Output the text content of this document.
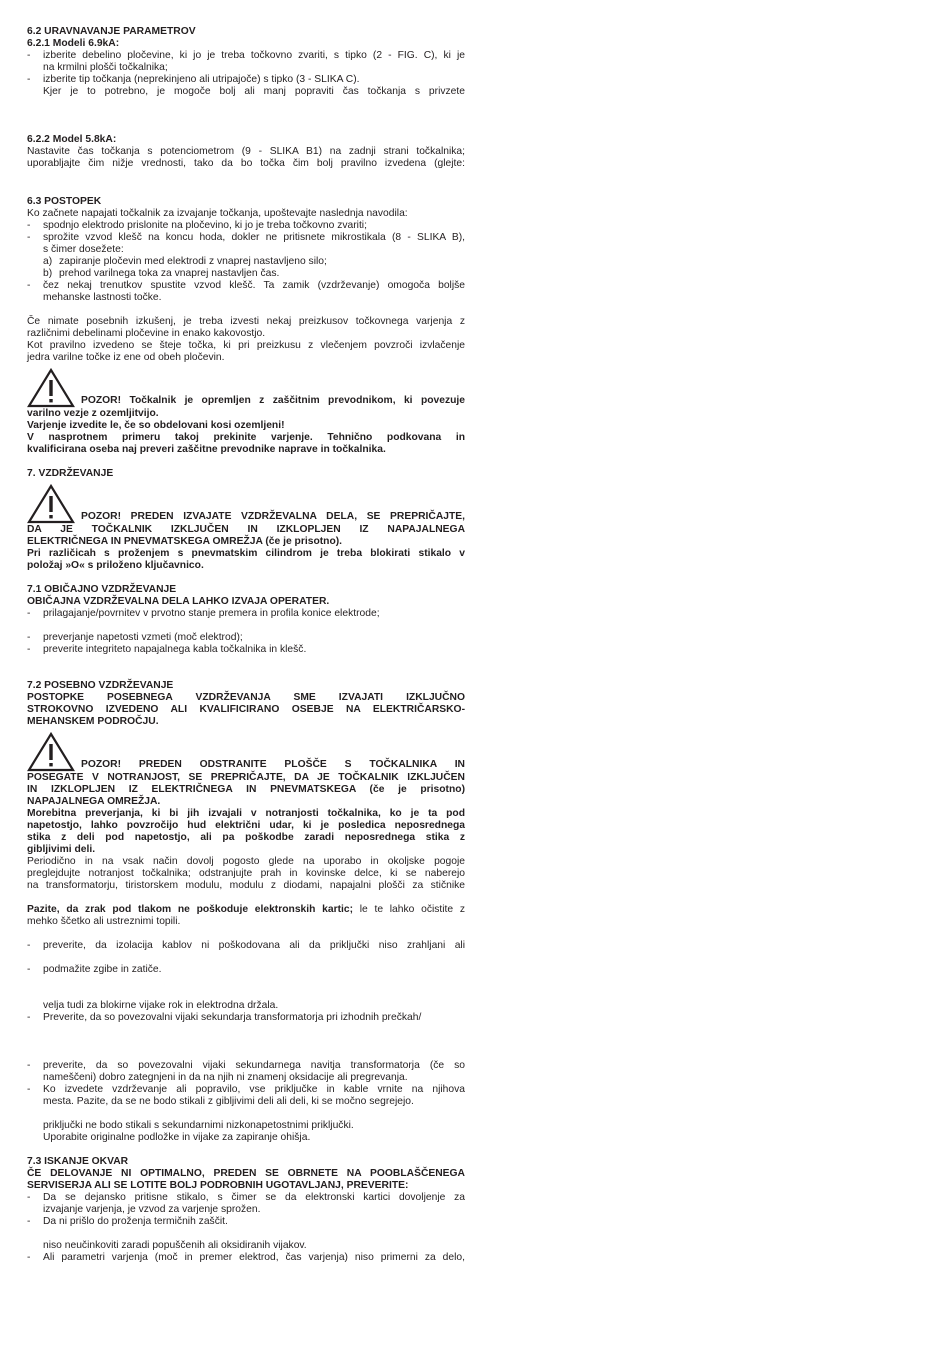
6.2 URAVNAVANJE PARAMETROV
6.2.1 Modeli 6.9kA:
- izberite debelino pločevine, ki jo je treba točkovno zvariti, s tipko (2 - FIG. C), ki je
na krmilni plošči točkalnika;
- izberite tip točkanja (neprekinjeno ali utripajoče) s tipko (3 - SLIKA C).
Kjer je to potrebno, je mogoče bolj ali manj popraviti čas točkanja s privzete
6.2.2 Model 5.8kA:
Nastavite čas točkanja s potenciometrom (9 - SLIKA B1) na zadnji strani točkalnika;
uporabljajte čim nižje vrednosti, tako da bo točka čim bolj pravilno izvedena (glejte:
6.3 POSTOPEK
Ko začnete napajati točkalnik za izvajanje točkanja, upoštevajte naslednja navodila:
- spodnjo elektrodo prislonite na pločevino, ki jo je treba točkovno zvariti;
- sprožite vzvod klešč na koncu hoda, dokler ne pritisnete mikrostikala (8 - SLIKA B),
s čimer dosežete:
a) zapiranje pločevin med elektrodi z vnaprej nastavljeno silo;
b) prehod varilnega toka za vnaprej nastavljen čas.
- čez nekaj trenutkov spustite vzvod klešč. Ta zamik (vzdrževanje) omogoča boljše
mehanske lastnosti točke.
Če nimate posebnih izkušenj, je treba izvesti nekaj preizkusov točkovnega varjenja z
različnimi debelinami pločevine in enako kakovostjo.
Kot pravilno izvedeno se šteje točka, ki pri preizkusu z vlečenjem povzroči izvlačenje
jedra varilne točke iz ene od obeh pločevin.
POZOR! Točkalnik je opremljen z zaščitnim prevodnikom, ki povezuje
varilno vezje z ozemljitvijo.
Varjenje izvedite le, če so obdelovani kosi ozemljeni!
V nasprotnem primeru takoj prekinite varjenje. Tehnično podkovana in
kvalificirana oseba naj preveri zaščitne prevodnike naprave in točkalnika.
7. VZDRŽEVANJE
POZOR! PREDEN IZVAJATE VZDRŽEVALNA DELA, SE PREPRIČAJTE,
DA JE TOČKALNIK IZKLJUČEN IN IZKLOPLJEN IZ NAPAJALNEGA
ELEKTRIČNEGA IN PNEVMATSKEGA OMREŽJA (če je prisotno).
Pri različicah s proženjem s pnevmatskim cilindrom je treba blokirati stikalo v
položaj »O« s priloženo ključavnico.
7.1 OBIČAJNO VZDRŽEVANJE
OBIČAJNA VZDRŽEVALNA DELA LAHKO IZVAJA OPERATER.
- prilagajanje/povrnitev v prvotno stanje premera in profila konice elektrode;
- preverjanje napetosti vzmeti (moč elektrod);
- preverite integriteto napajalnega kabla točkalnika in klešč.
7.2 POSEBNO VZDRŽEVANJE
POSTOPKE POSEBNEGA VZDRŽEVANJA SME IZVAJATI IZKLJUČNO
STROKOVNO IZVEDENO ALI KVALIFICIRANO OSEBJE NA ELEKTRIČARSKO-
MEHANSKEM PODROČJU.
POZOR! PREDEN ODSTRANITE PLOŠČE S TOČKALNIKA IN
POSEGATE V NOTRANJOST, SE PREPRIČAJTE, DA JE TOČKALNIK IZKLJUČEN
IN IZKLOPLJEN IZ ELEKTRIČNEGA IN PNEVMATSKEGA (če je prisotno)
NAPAJALNEGA OMREŽJA.
Morebitna preverjanja, ki bi jih izvajali v notranjosti točkalnika, ko je ta pod
napetostjo, lahko povzročijo hud električni udar, ki je posledica neposrednega
stika z deli pod napetostjo, ali pa poškodbe zaradi neposrednega stika z
gibljivimi deli.
Periodično in na vsak način dovolj pogosto glede na uporabo in okoljske pogoje
preglejdujte notranjost točkalnika; odstranjujte prah in kovinske delce, ki se naberejo
na transformatorju, tiristorskem modulu, modulu z diodami, napajalni plošči za stičnike
Pazite, da zrak pod tlakom ne poškoduje elektronskih kartic; le te lahko očistite z
mehko ščetko ali ustreznimi topili.
- preverite, da izolacija kablov ni poškodovana ali da priključki niso zrahljani ali
- podmažite zgibe in zatiče.
velja tudi za blokirne vijake rok in elektrodna držala.
- Preverite, da so povezovalni vijaki sekundarja transformatorja pri izhodnih prečkah/
- preverite, da so povezovalni vijaki sekundarnega navitja transformatorja (če so
nameščeni) dobro zategnjeni in da na njih ni znamenj oksidacije ali pregrevanja.
- Ko izvedete vzdrževanje ali popravilo, vse priključke in kable vrnite na njihova
mesta. Pazite, da se ne bodo stikali z gibljivimi deli ali deli, ki se močno segrejejo.
priključki ne bodo stikali s sekundarnimi nizkonapetostnimi priključki.
Uporabite originalne podložke in vijake za zapiranje ohišja.
7.3 ISKANJE OKVAR
ČE DELOVANJE NI OPTIMALNO, PREDEN SE OBRNETE NA POOBLAŠČENEGA
SERVISERJA ALI SE LOTITE BOLJ PODROBNIH UGOTAVLJANJ, PREVERITE:
- Da se dejansko pritisne stikalo, s čimer se da elektronski kartici dovoljenje za
izvajanje varjenja, je vzvod za varjenje sprožen.
- Da ni prišlo do proženja termičnih zaščit.
niso neučinkoviti zaradi popuščenih ali oksidiranih vijakov.
- Ali parametri varjenja (moč in premer elektrod, čas varjenja) niso primerni za delo,
